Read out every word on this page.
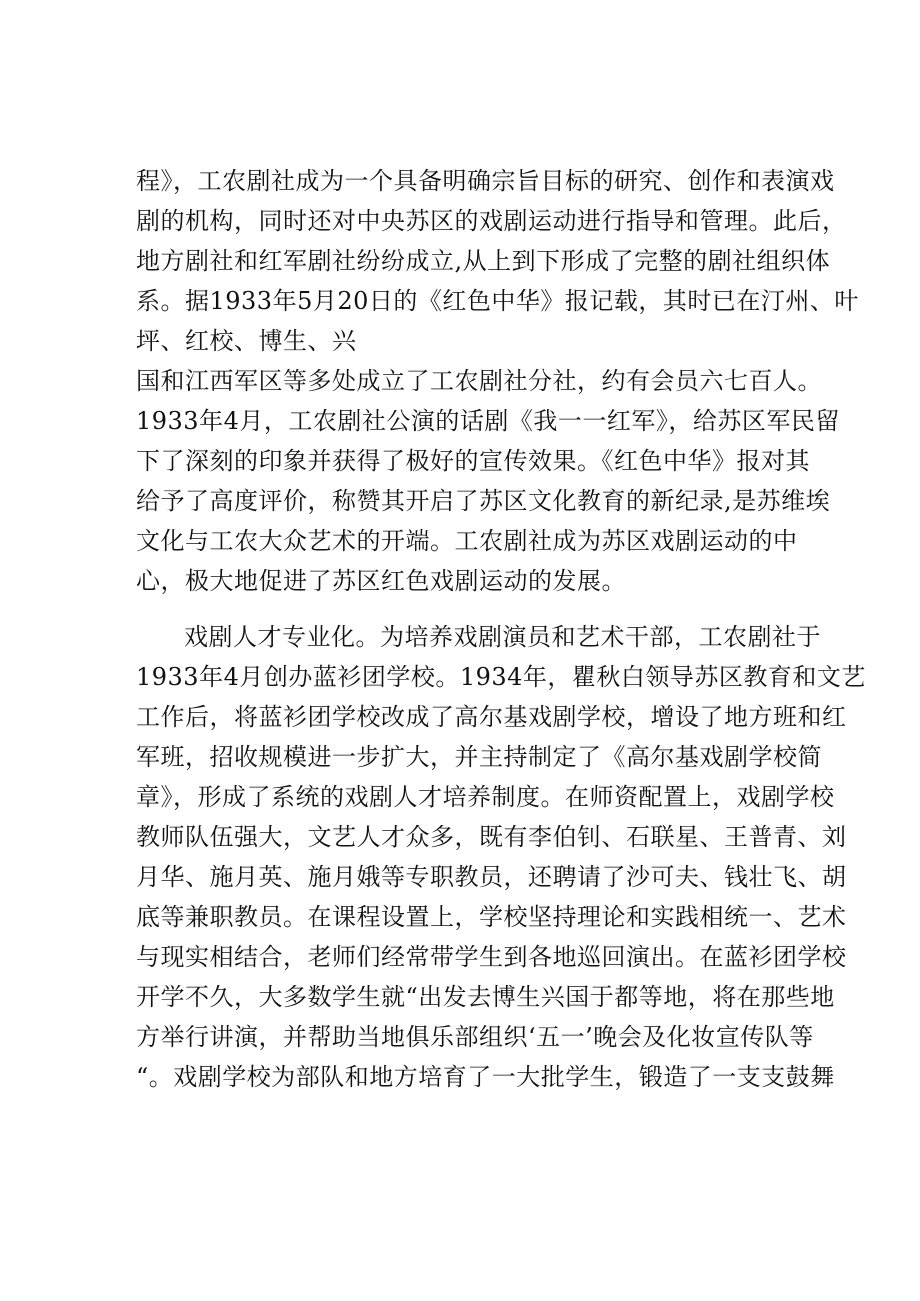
程》，工农剧社成为一个具备明确宗旨目标的研究、创作和表演戏
剧的机构，同时还对中央苏区的戏剧运动进行指导和管理。此后，
地方剧社和红军剧社纷纷成立,从上到下形成了完整的剧社组织体
系。据1933年5月20日的《红色中华》报记载，其时已在汀州、叶
坪、红校、博生、兴
国和江西军区等多处成立了工农剧社分社，约有会员六七百人。
1933年4月，工农剧社公演的话剧《我一一红军》，给苏区军民留
下了深刻的印象并获得了极好的宣传效果。《红色中华》报对其
给予了高度评价，称赞其开启了苏区文化教育的新纪录,是苏维埃
文化与工农大众艺术的开端。工农剧社成为苏区戏剧运动的中
心，极大地促进了苏区红色戏剧运动的发展。
戏剧人才专业化。为培养戏剧演员和艺术干部，工农剧社于
1933年4月创办蓝衫团学校。1934年，瞿秋白领导苏区教育和文艺
工作后，将蓝衫团学校改成了高尔基戏剧学校，增设了地方班和红
军班，招收规模进一步扩大，并主持制定了《高尔基戏剧学校简
章》，形成了系统的戏剧人才培养制度。在师资配置上，戏剧学校
教师队伍强大，文艺人才众多，既有李伯钊、石联星、王普青、刘
月华、施月英、施月娥等专职教员，还聘请了沙可夫、钱壮飞、胡
底等兼职教员。在课程设置上，学校坚持理论和实践相统一、艺术
与现实相结合，老师们经常带学生到各地巡回演出。在蓝衫团学校
开学不久，大多数学生就“出发去博生兴国于都等地，将在那些地
方举行讲演，并帮助当地俱乐部组织‘五一’晚会及化妆宣传队等
“。戏剧学校为部队和地方培育了一大批学生，锻造了一支支鼓舞
